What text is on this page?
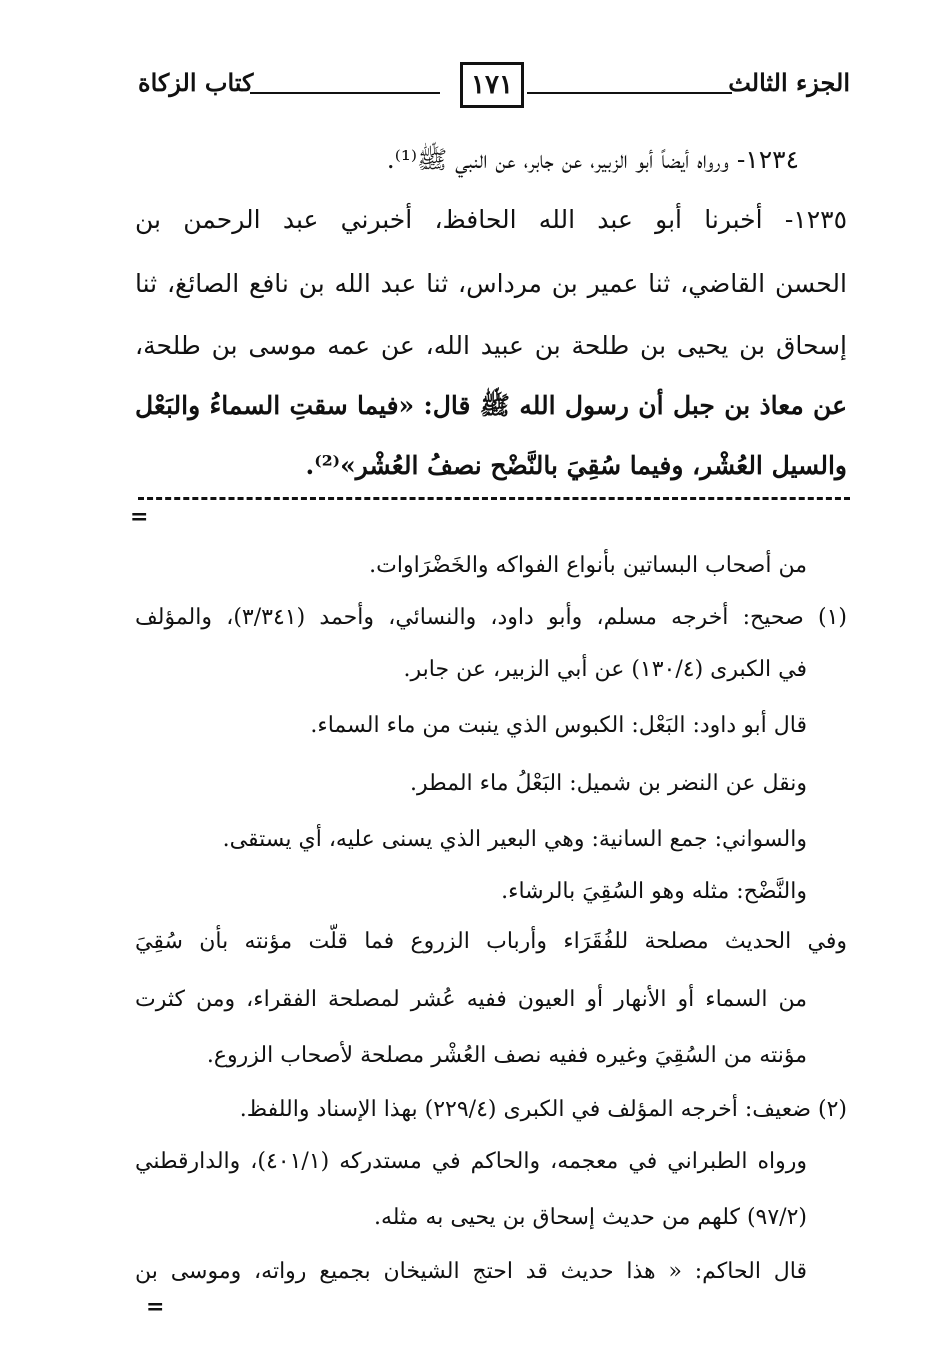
الجزء الثالث
١٧١
كتاب الزكاة
١٢٣٤- ورواه أيضاً أبو الزبير، عن جابر، عن النبي ﷺ⁽¹⁾.
١٢٣٥- أخبرنا أبو عبد الله الحافظ، أخبرني عبد الرحمن بن
الحسن القاضي، ثنا عمير بن مرداس، ثنا عبد الله بن نافع الصائغ، ثنا
إسحاق بن يحيى بن طلحة بن عبيد الله، عن عمه موسى بن طلحة،
عن معاذ بن جبل أن رسول الله ﷺ قال: «فيما سقتِ السماءُ والبَعْل
والسيل العُشْر، وفيما سُقِيَ بالنَّضْح نصفُ العُشْر»⁽²⁾.
=
من أصحاب البساتين بأنواع الفواكه والخَضْرَاوات.
(١) صحيح: أخرجه مسلم، وأبو داود، والنسائي، وأحمد (٣/٣٤١)، والمؤلف
في الكبرى (١٣٠/٤) عن أبي الزبير، عن جابر.
قال أبو داود: البَعْل: الكبوس الذي ينبت من ماء السماء.
ونقل عن النضر بن شميل: البَعْلُ ماء المطر.
والسواني: جمع السانية: وهي البعير الذي يسنى عليه، أي يستقى.
والنَّضْح: مثله وهو السُقِيَ بالرشاء.
وفي الحديث مصلحة للفُقَرَاء وأرباب الزروع فما قلّت مؤنته بأن سُقِيَ
من السماء أو الأنهار أو العيون ففيه عُشر لمصلحة الفقراء، ومن كثرت
مؤنته من السُقِيَ وغيره ففيه نصف العُشْر مصلحة لأصحاب الزروع.
(٢) ضعيف: أخرجه المؤلف في الكبرى (٢٢٩/٤) بهذا الإسناد واللفظ.
ورواه الطبراني في معجمه، والحاكم في مستدركه (٤٠١/١)، والدارقطني
(٩٧/٢) كلهم من حديث إسحاق بن يحيى به مثله.
قال الحاكم: « هذا حديث قد احتج الشيخان بجميع رواته، وموسى بن
=
